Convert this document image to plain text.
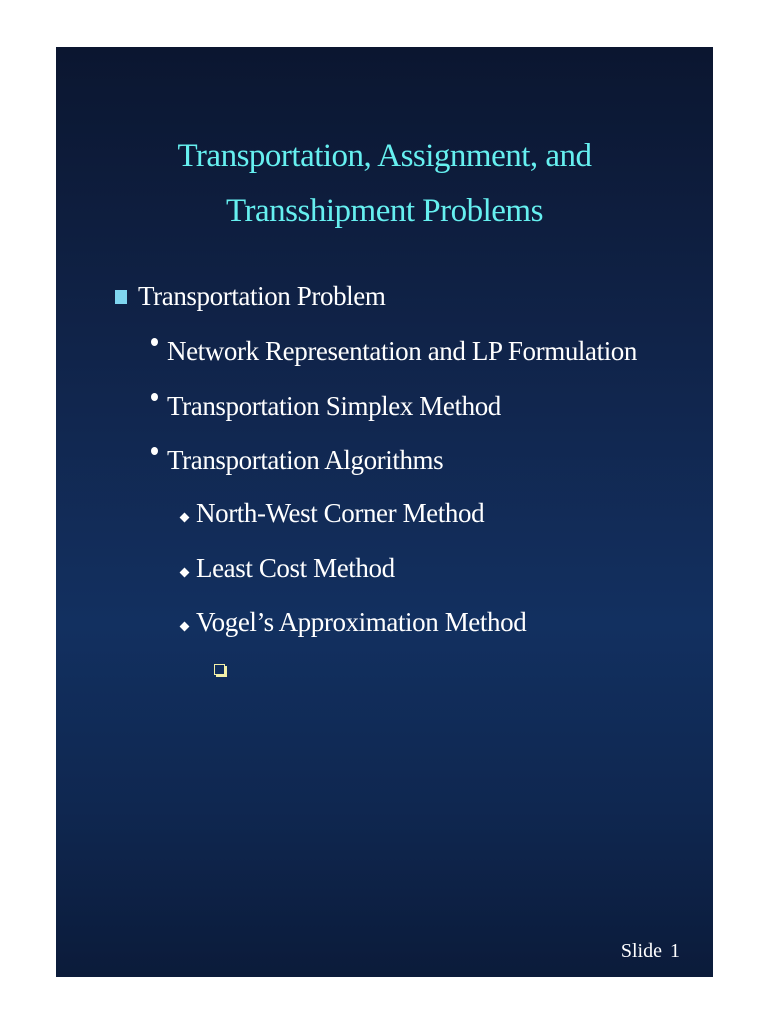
Transportation, Assignment, and
Transshipment Problems
Transportation Problem
Network Representation and LP Formulation
Transportation Simplex Method
Transportation Algorithms
North-West Corner Method
Least Cost Method
Vogel’s Approximation Method
Slide 1
